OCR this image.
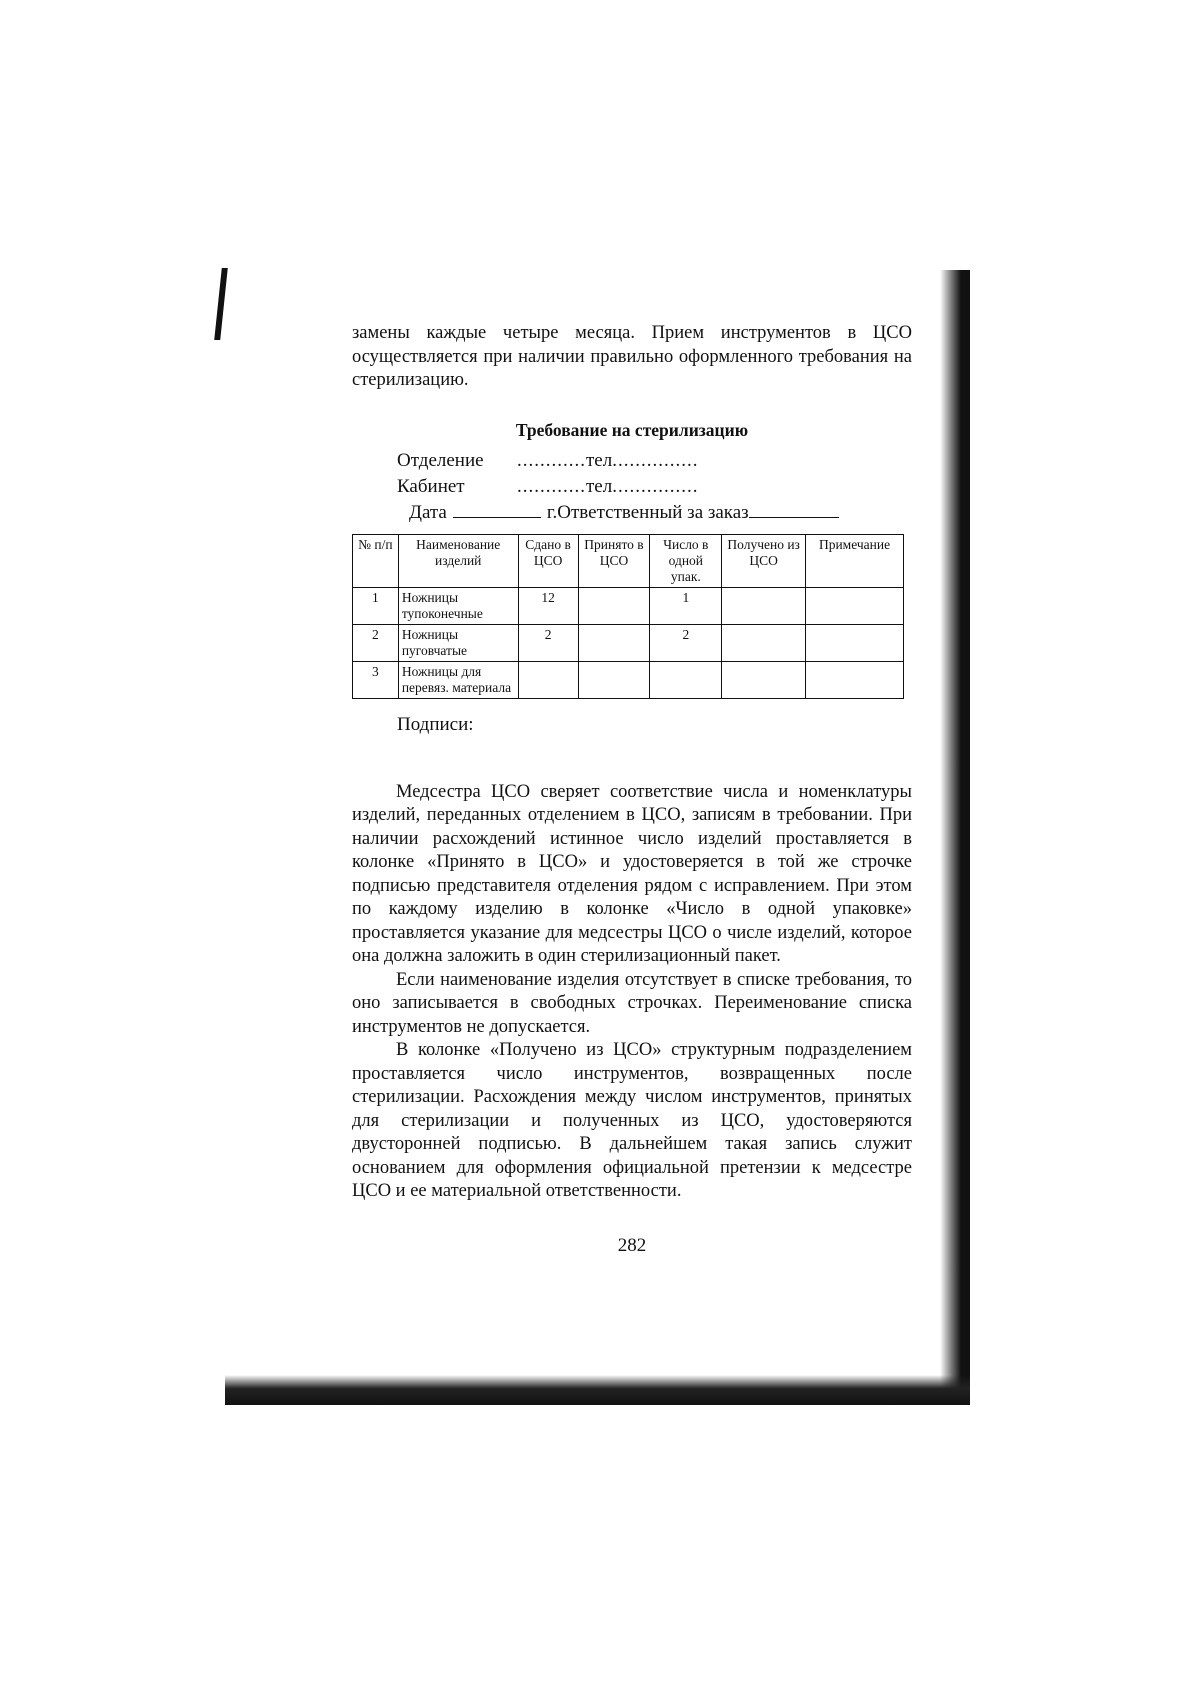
замены каждые четыре месяца. Прием инструментов в ЦСО осуществляется при наличии правильно оформленного требования на стерилизацию.

Требование на стерилизацию
Отделение	............ тел ...............
Кабинет	............ тел ...............
Дата	г. Ответственный за заказ
№ п/п	Наименование изделий	Сдано в ЦСО	Принято в ЦСО	Число в одной упак.	Получено из ЦСО	Примечание
1	Ножницы тупоконечные	12		1		
2	Ножницы пуговчатые	2		2		
3	Ножницы для перевяз. материала					
Подписи:

Медсестра ЦСО сверяет соответствие числа и номенклатуры изделий, переданных отделением в ЦСО, записям в требовании. При наличии расхождений истинное число изделий проставляется в колонке «Принято в ЦСО» и удостоверяется в той же строчке подписью представителя отделения рядом с исправлением. При этом по каждому изделию в колонке «Число в одной упаковке» проставляется указание для медсестры ЦСО о числе изделий, которое она должна заложить в один стерилизационный пакет.

Если наименование изделия отсутствует в списке требования, то оно записывается в свободных строчках. Переименование списка инструментов не допускается.

В колонке «Получено из ЦСО» структурным подразделением проставляется число инструментов, возвращенных после стерилизации. Расхождения между числом инструментов, принятых для стерилизации и полученных из ЦСО, удостоверяются двусторонней подписью. В дальнейшем такая запись служит основанием для оформления официальной претензии к медсестре ЦСО и ее материальной ответственности.

282
